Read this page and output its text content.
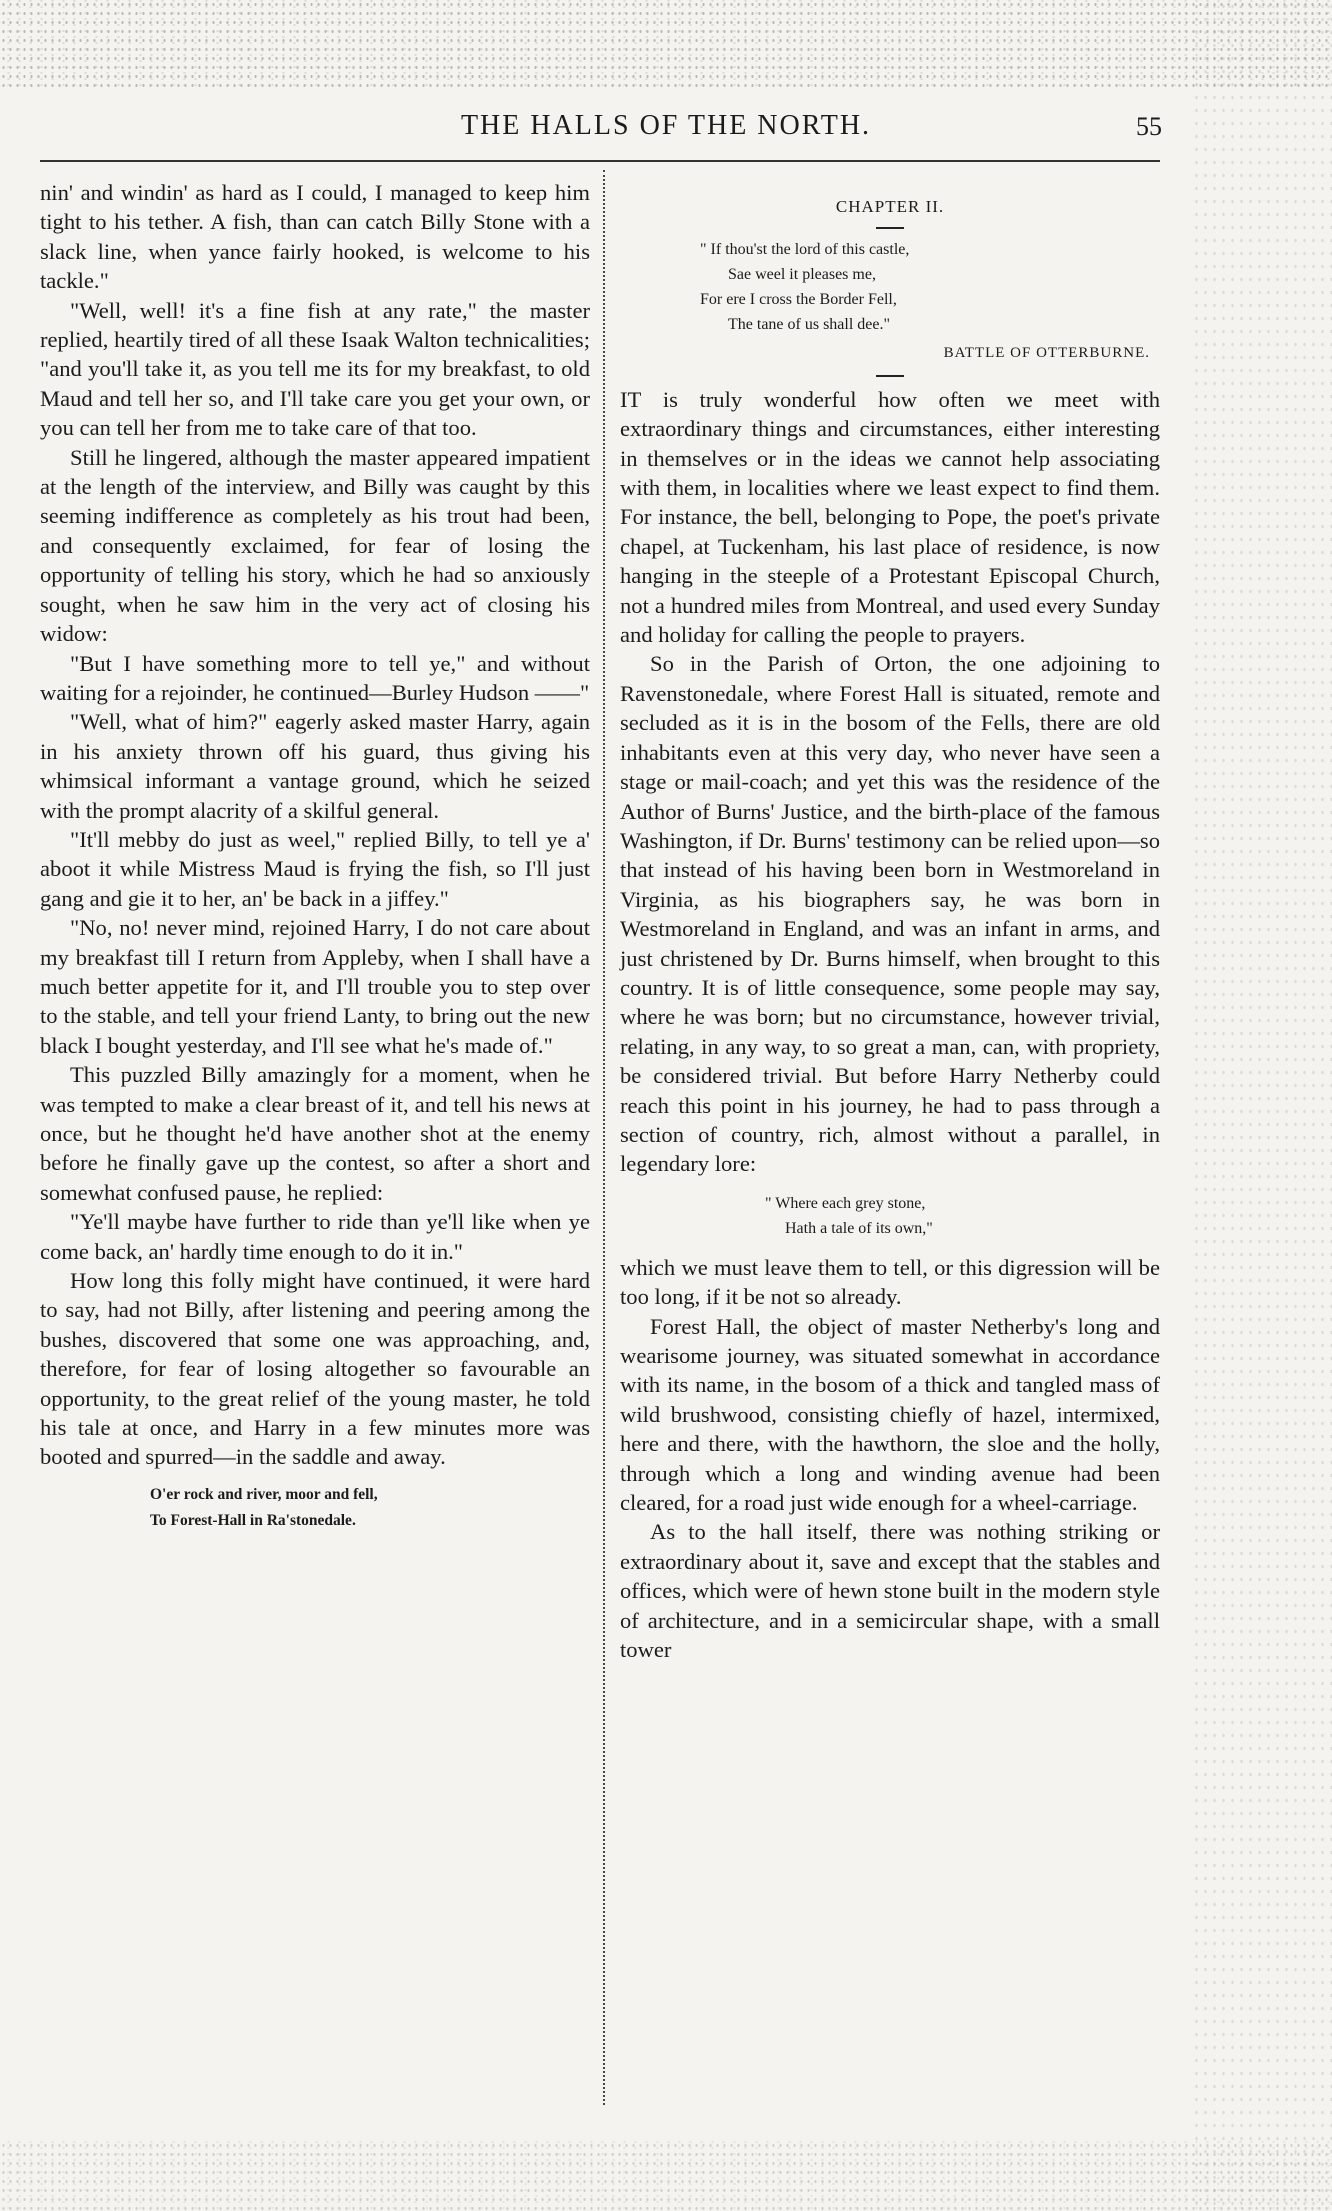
THE HALLS OF THE NORTH.	55

nin' and windin' as hard as I could, I managed to keep him tight to his tether. A fish, than can catch Billy Stone with a slack line, when yance fairly hooked, is welcome to his tackle."

"Well, well! it's a fine fish at any rate," the master replied, heartily tired of all these Isaak Walton technicalities; "and you'll take it, as you tell me its for my breakfast, to old Maud and tell her so, and I'll take care you get your own, or you can tell her from me to take care of that too.

Still he lingered, although the master appeared impatient at the length of the interview, and Billy was caught by this seeming indifference as completely as his trout had been, and consequently exclaimed, for fear of losing the opportunity of telling his story, which he had so anxiously sought, when he saw him in the very act of closing his widow:

"But I have something more to tell ye," and without waiting for a rejoinder, he continued—Burley Hudson ——"

"Well, what of him?" eagerly asked master Harry, again in his anxiety thrown off his guard, thus giving his whimsical informant a vantage ground, which he seized with the prompt alacrity of a skilful general.

"It'll mebby do just as weel," replied Billy, to tell ye a' aboot it while Mistress Maud is frying the fish, so I'll just gang and gie it to her, an' be back in a jiffey."

"No, no! never mind, rejoined Harry, I do not care about my breakfast till I return from Appleby, when I shall have a much better appetite for it, and I'll trouble you to step over to the stable, and tell your friend Lanty, to bring out the new black I bought yesterday, and I'll see what he's made of."

This puzzled Billy amazingly for a moment, when he was tempted to make a clear breast of it, and tell his news at once, but he thought he'd have another shot at the enemy before he finally gave up the contest, so after a short and somewhat confused pause, he replied:

"Ye'll maybe have further to ride than ye'll like when ye come back, an' hardly time enough to do it in."

How long this folly might have continued, it were hard to say, had not Billy, after listening and peering among the bushes, discovered that some one was approaching, and, therefore, for fear of losing altogether so favourable an opportunity, to the great relief of the young master, he told his tale at once, and Harry in a few minutes more was booted and spurred—in the saddle and away.

O'er rock and river, moor and fell,
To Forest-Hall in Ra'stonedale.
CHAPTER II.
" If thou'st the lord of this castle,
Sae weel it pleases me,
For ere I cross the Border Fell,
The tane of us shall dee."
BATTLE OF OTTERBURNE.

IT is truly wonderful how often we meet with extraordinary things and circumstances, either interesting in themselves or in the ideas we cannot help associating with them, in localities where we least expect to find them. For instance, the bell, belonging to Pope, the poet's private chapel, at Tuckenham, his last place of residence, is now hanging in the steeple of a Protestant Episcopal Church, not a hundred miles from Montreal, and used every Sunday and holiday for calling the people to prayers.

So in the Parish of Orton, the one adjoining to Ravenstonedale, where Forest Hall is situated, remote and secluded as it is in the bosom of the Fells, there are old inhabitants even at this very day, who never have seen a stage or mail-coach; and yet this was the residence of the Author of Burns' Justice, and the birth-place of the famous Washington, if Dr. Burns' testimony can be relied upon—so that instead of his having been born in Westmoreland in Virginia, as his biographers say, he was born in Westmoreland in England, and was an infant in arms, and just christened by Dr. Burns himself, when brought to this country. It is of little consequence, some people may say, where he was born; but no circumstance, however trivial, relating, in any way, to so great a man, can, with propriety, be considered trivial. But before Harry Netherby could reach this point in his journey, he had to pass through a section of country, rich, almost without a parallel, in legendary lore:

" Where each grey stone,
Hath a tale of its own,"

which we must leave them to tell, or this digression will be too long, if it be not so already.

Forest Hall, the object of master Netherby's long and wearisome journey, was situated somewhat in accordance with its name, in the bosom of a thick and tangled mass of wild brushwood, consisting chiefly of hazel, intermixed, here and there, with the hawthorn, the sloe and the holly, through which a long and winding avenue had been cleared, for a road just wide enough for a wheel-carriage.

As to the hall itself, there was nothing striking or extraordinary about it, save and except that the stables and offices, which were of hewn stone built in the modern style of architecture, and in a semicircular shape, with a small tower
